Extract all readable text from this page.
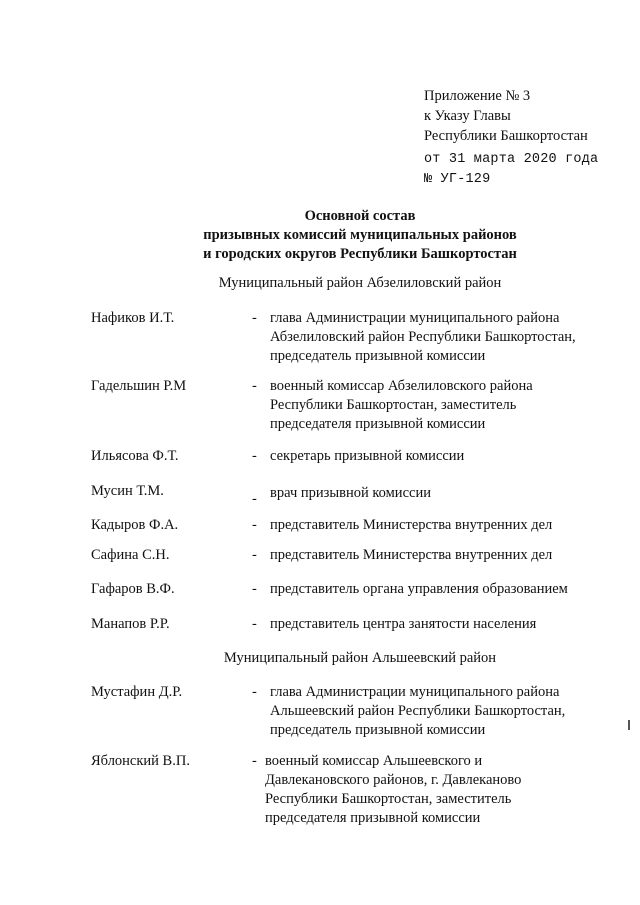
Приложение № 3
к Указу Главы
Республики Башкортостан
от 31 марта 2020 года
№ УГ-129
Основной состав
призывных комиссий муниципальных районов
и городских округов Республики Башкортостан
Муниципальный район Абзелиловский район
Нафиков И.Т.	- глава Администрации муниципального района
Абзелиловский район Республики Башкортостан,
председатель призывной комиссии
Гадельшин Р.М	- военный комиссар Абзелиловского района
Республики Башкортостан, заместитель
председателя призывной комиссии
Ильясова Ф.Т.	- секретарь призывной комиссии
Мусин Т.М.	- врач призывной комиссии
Кадыров Ф.А.	- представитель Министерства внутренних дел
Сафина С.Н.	- представитель Министерства внутренних дел
Гафаров В.Ф.	- представитель органа управления образованием
Манапов Р.Р.	- представитель центра занятости населения
Муниципальный район Альшеевский район
Мустафин Д.Р.	- глава Администрации муниципального района
Альшеевский район Республики Башкортостан,
председатель призывной комиссии
Яблонский В.П.	- военный комиссар Альшеевского и
Давлекановского районов, г. Давлеканово
Республики Башкортостан, заместитель
председателя призывной комиссии
